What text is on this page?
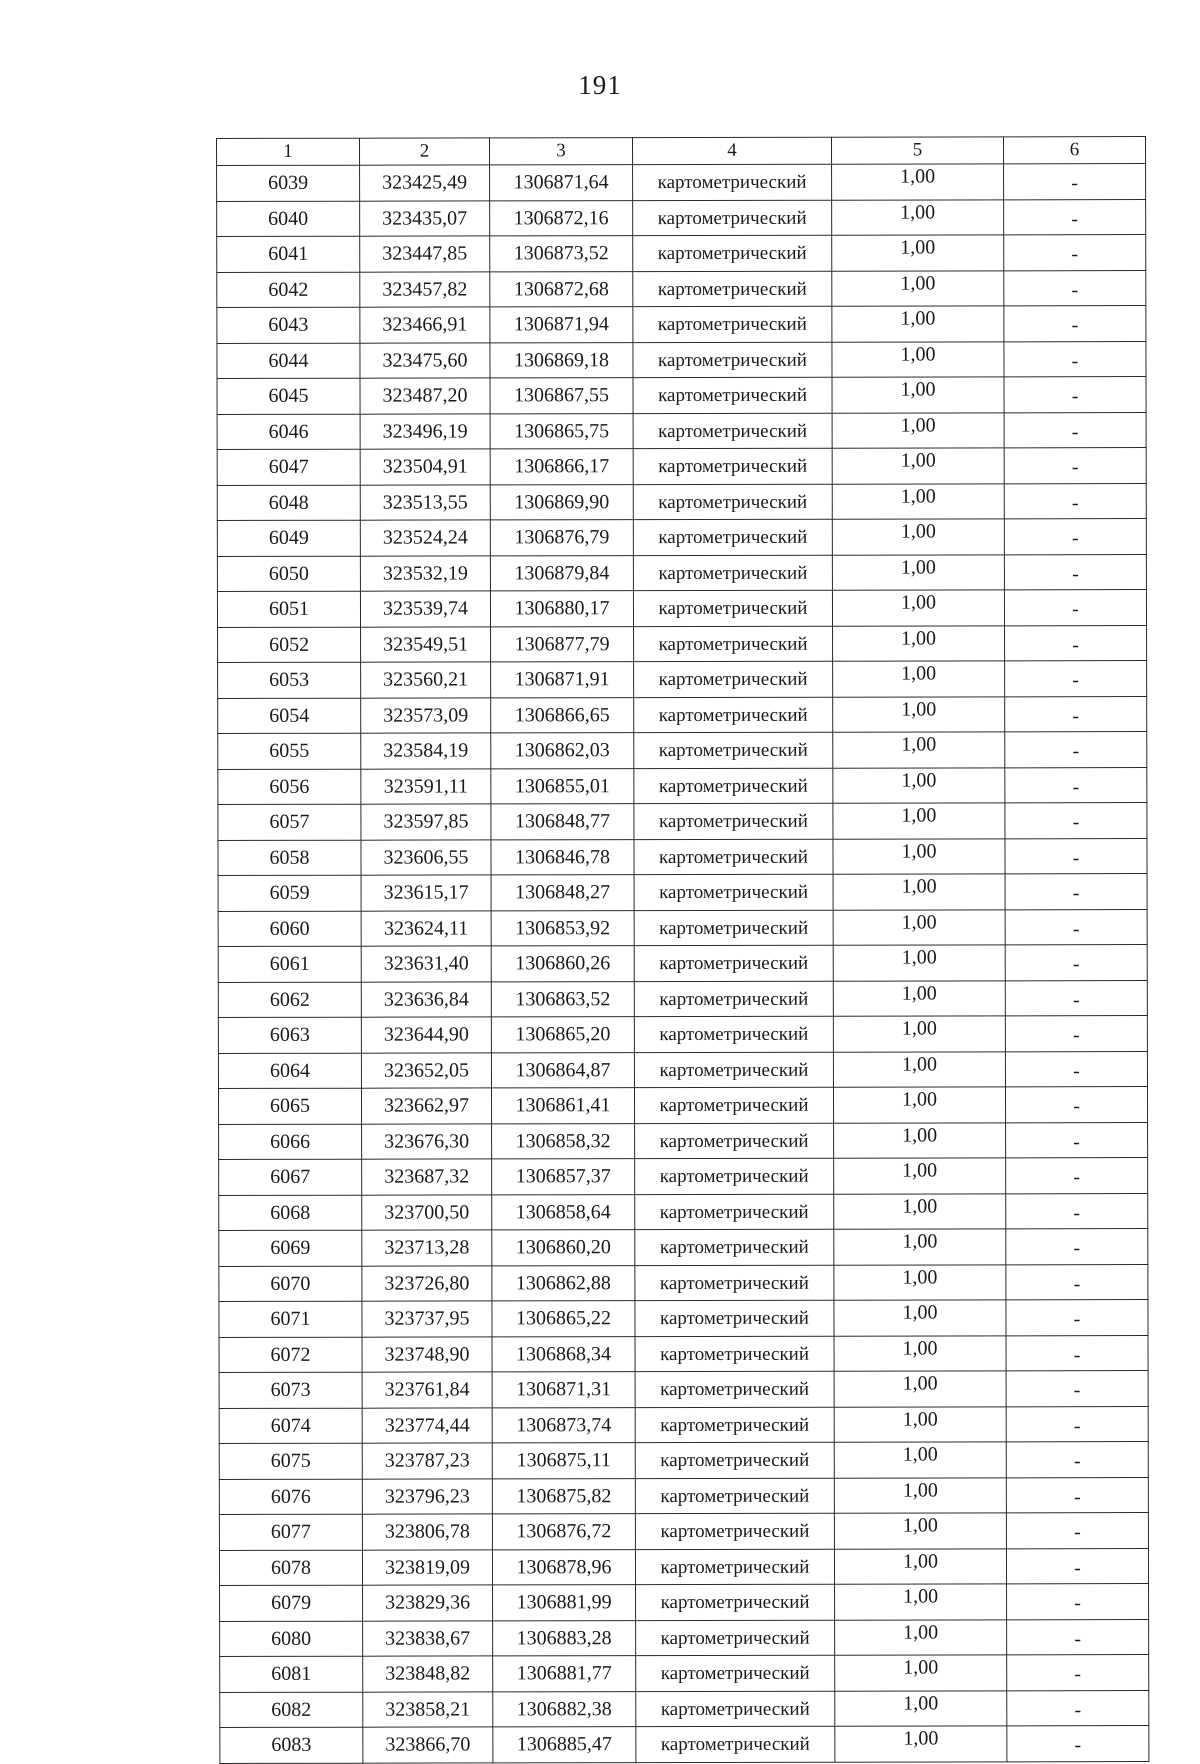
191
1	2	3	4	5	6
6039	323425,49	1306871,64	картометрический	1,00	-
6040	323435,07	1306872,16	картометрический	1,00	-
6041	323447,85	1306873,52	картометрический	1,00	-
6042	323457,82	1306872,68	картометрический	1,00	-
6043	323466,91	1306871,94	картометрический	1,00	-
6044	323475,60	1306869,18	картометрический	1,00	-
6045	323487,20	1306867,55	картометрический	1,00	-
6046	323496,19	1306865,75	картометрический	1,00	-
6047	323504,91	1306866,17	картометрический	1,00	-
6048	323513,55	1306869,90	картометрический	1,00	-
6049	323524,24	1306876,79	картометрический	1,00	-
6050	323532,19	1306879,84	картометрический	1,00	-
6051	323539,74	1306880,17	картометрический	1,00	-
6052	323549,51	1306877,79	картометрический	1,00	-
6053	323560,21	1306871,91	картометрический	1,00	-
6054	323573,09	1306866,65	картометрический	1,00	-
6055	323584,19	1306862,03	картометрический	1,00	-
6056	323591,11	1306855,01	картометрический	1,00	-
6057	323597,85	1306848,77	картометрический	1,00	-
6058	323606,55	1306846,78	картометрический	1,00	-
6059	323615,17	1306848,27	картометрический	1,00	-
6060	323624,11	1306853,92	картометрический	1,00	-
6061	323631,40	1306860,26	картометрический	1,00	-
6062	323636,84	1306863,52	картометрический	1,00	-
6063	323644,90	1306865,20	картометрический	1,00	-
6064	323652,05	1306864,87	картометрический	1,00	-
6065	323662,97	1306861,41	картометрический	1,00	-
6066	323676,30	1306858,32	картометрический	1,00	-
6067	323687,32	1306857,37	картометрический	1,00	-
6068	323700,50	1306858,64	картометрический	1,00	-
6069	323713,28	1306860,20	картометрический	1,00	-
6070	323726,80	1306862,88	картометрический	1,00	-
6071	323737,95	1306865,22	картометрический	1,00	-
6072	323748,90	1306868,34	картометрический	1,00	-
6073	323761,84	1306871,31	картометрический	1,00	-
6074	323774,44	1306873,74	картометрический	1,00	-
6075	323787,23	1306875,11	картометрический	1,00	-
6076	323796,23	1306875,82	картометрический	1,00	-
6077	323806,78	1306876,72	картометрический	1,00	-
6078	323819,09	1306878,96	картометрический	1,00	-
6079	323829,36	1306881,99	картометрический	1,00	-
6080	323838,67	1306883,28	картометрический	1,00	-
6081	323848,82	1306881,77	картометрический	1,00	-
6082	323858,21	1306882,38	картометрический	1,00	-
6083	323866,70	1306885,47	картометрический	1,00	-
